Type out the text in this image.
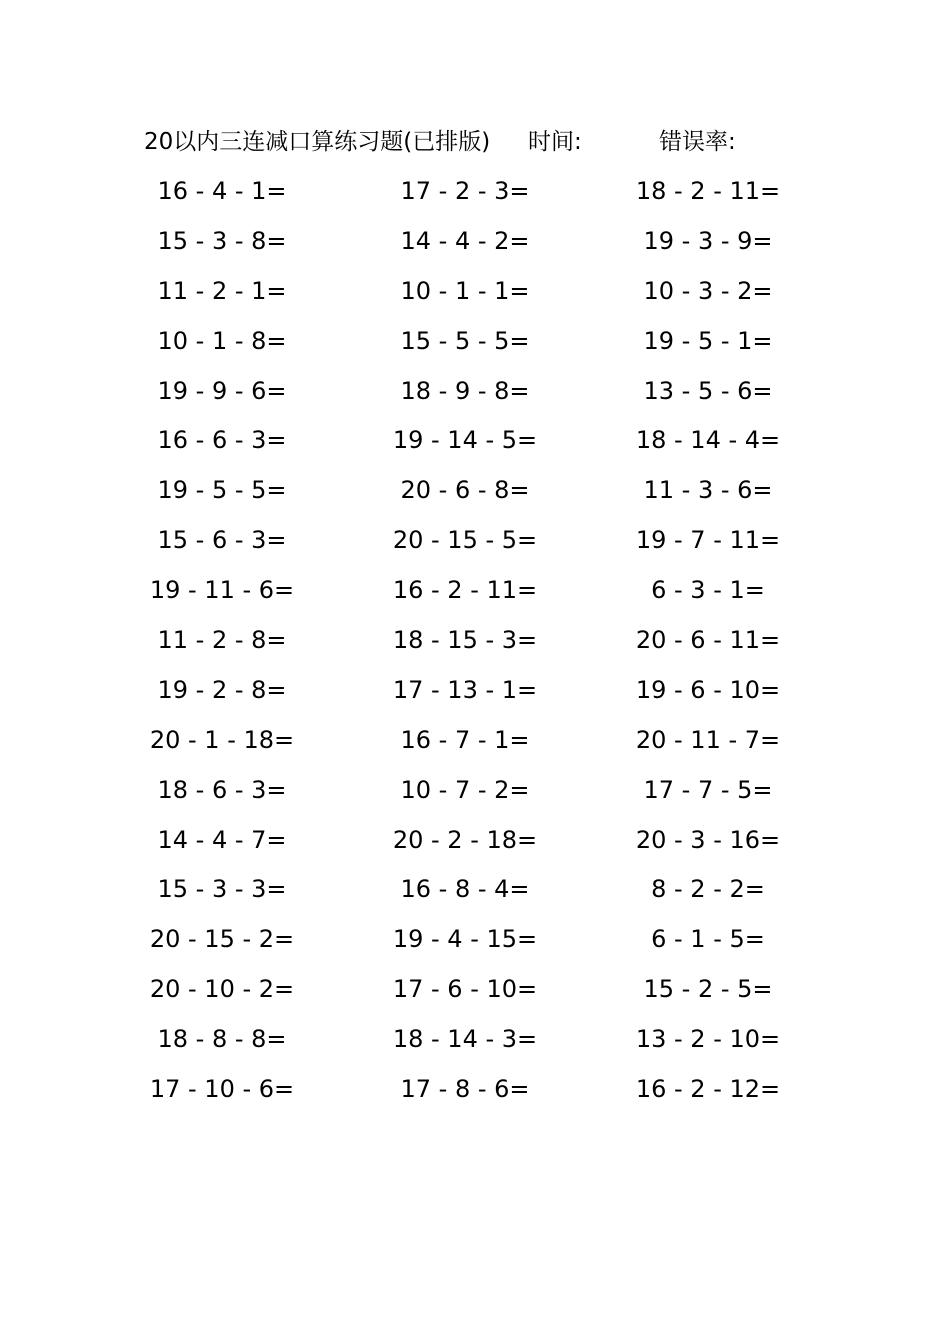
20以内三连减口算练习题(已排版) 时间:	错误率:
16 - 4 - 1=	17 - 2 - 3=	18 - 2 - 11=
15 - 3 - 8=	14 - 4 - 2=	19 - 3 - 9=
11 - 2 - 1=	10 - 1 - 1=	10 - 3 - 2=
10 - 1 - 8=	15 - 5 - 5=	19 - 5 - 1=
19 - 9 - 6=	18 - 9 - 8=	13 - 5 - 6=
16 - 6 - 3=	19 - 14 - 5=	18 - 14 - 4=
19 - 5 - 5=	20 - 6 - 8=	11 - 3 - 6=
15 - 6 - 3=	20 - 15 - 5=	19 - 7 - 11=
19 - 11 - 6=	16 - 2 - 11=	6 - 3 - 1=
11 - 2 - 8=	18 - 15 - 3=	20 - 6 - 11=
19 - 2 - 8=	17 - 13 - 1=	19 - 6 - 10=
20 - 1 - 18=	16 - 7 - 1=	20 - 11 - 7=
18 - 6 - 3=	10 - 7 - 2=	17 - 7 - 5=
14 - 4 - 7=	20 - 2 - 18=	20 - 3 - 16=
15 - 3 - 3=	16 - 8 - 4=	8 - 2 - 2=
20 - 15 - 2=	19 - 4 - 15=	6 - 1 - 5=
20 - 10 - 2=	17 - 6 - 10=	15 - 2 - 5=
18 - 8 - 8=	18 - 14 - 3=	13 - 2 - 10=
17 - 10 - 6=	17 - 8 - 6=	16 - 2 - 12=
